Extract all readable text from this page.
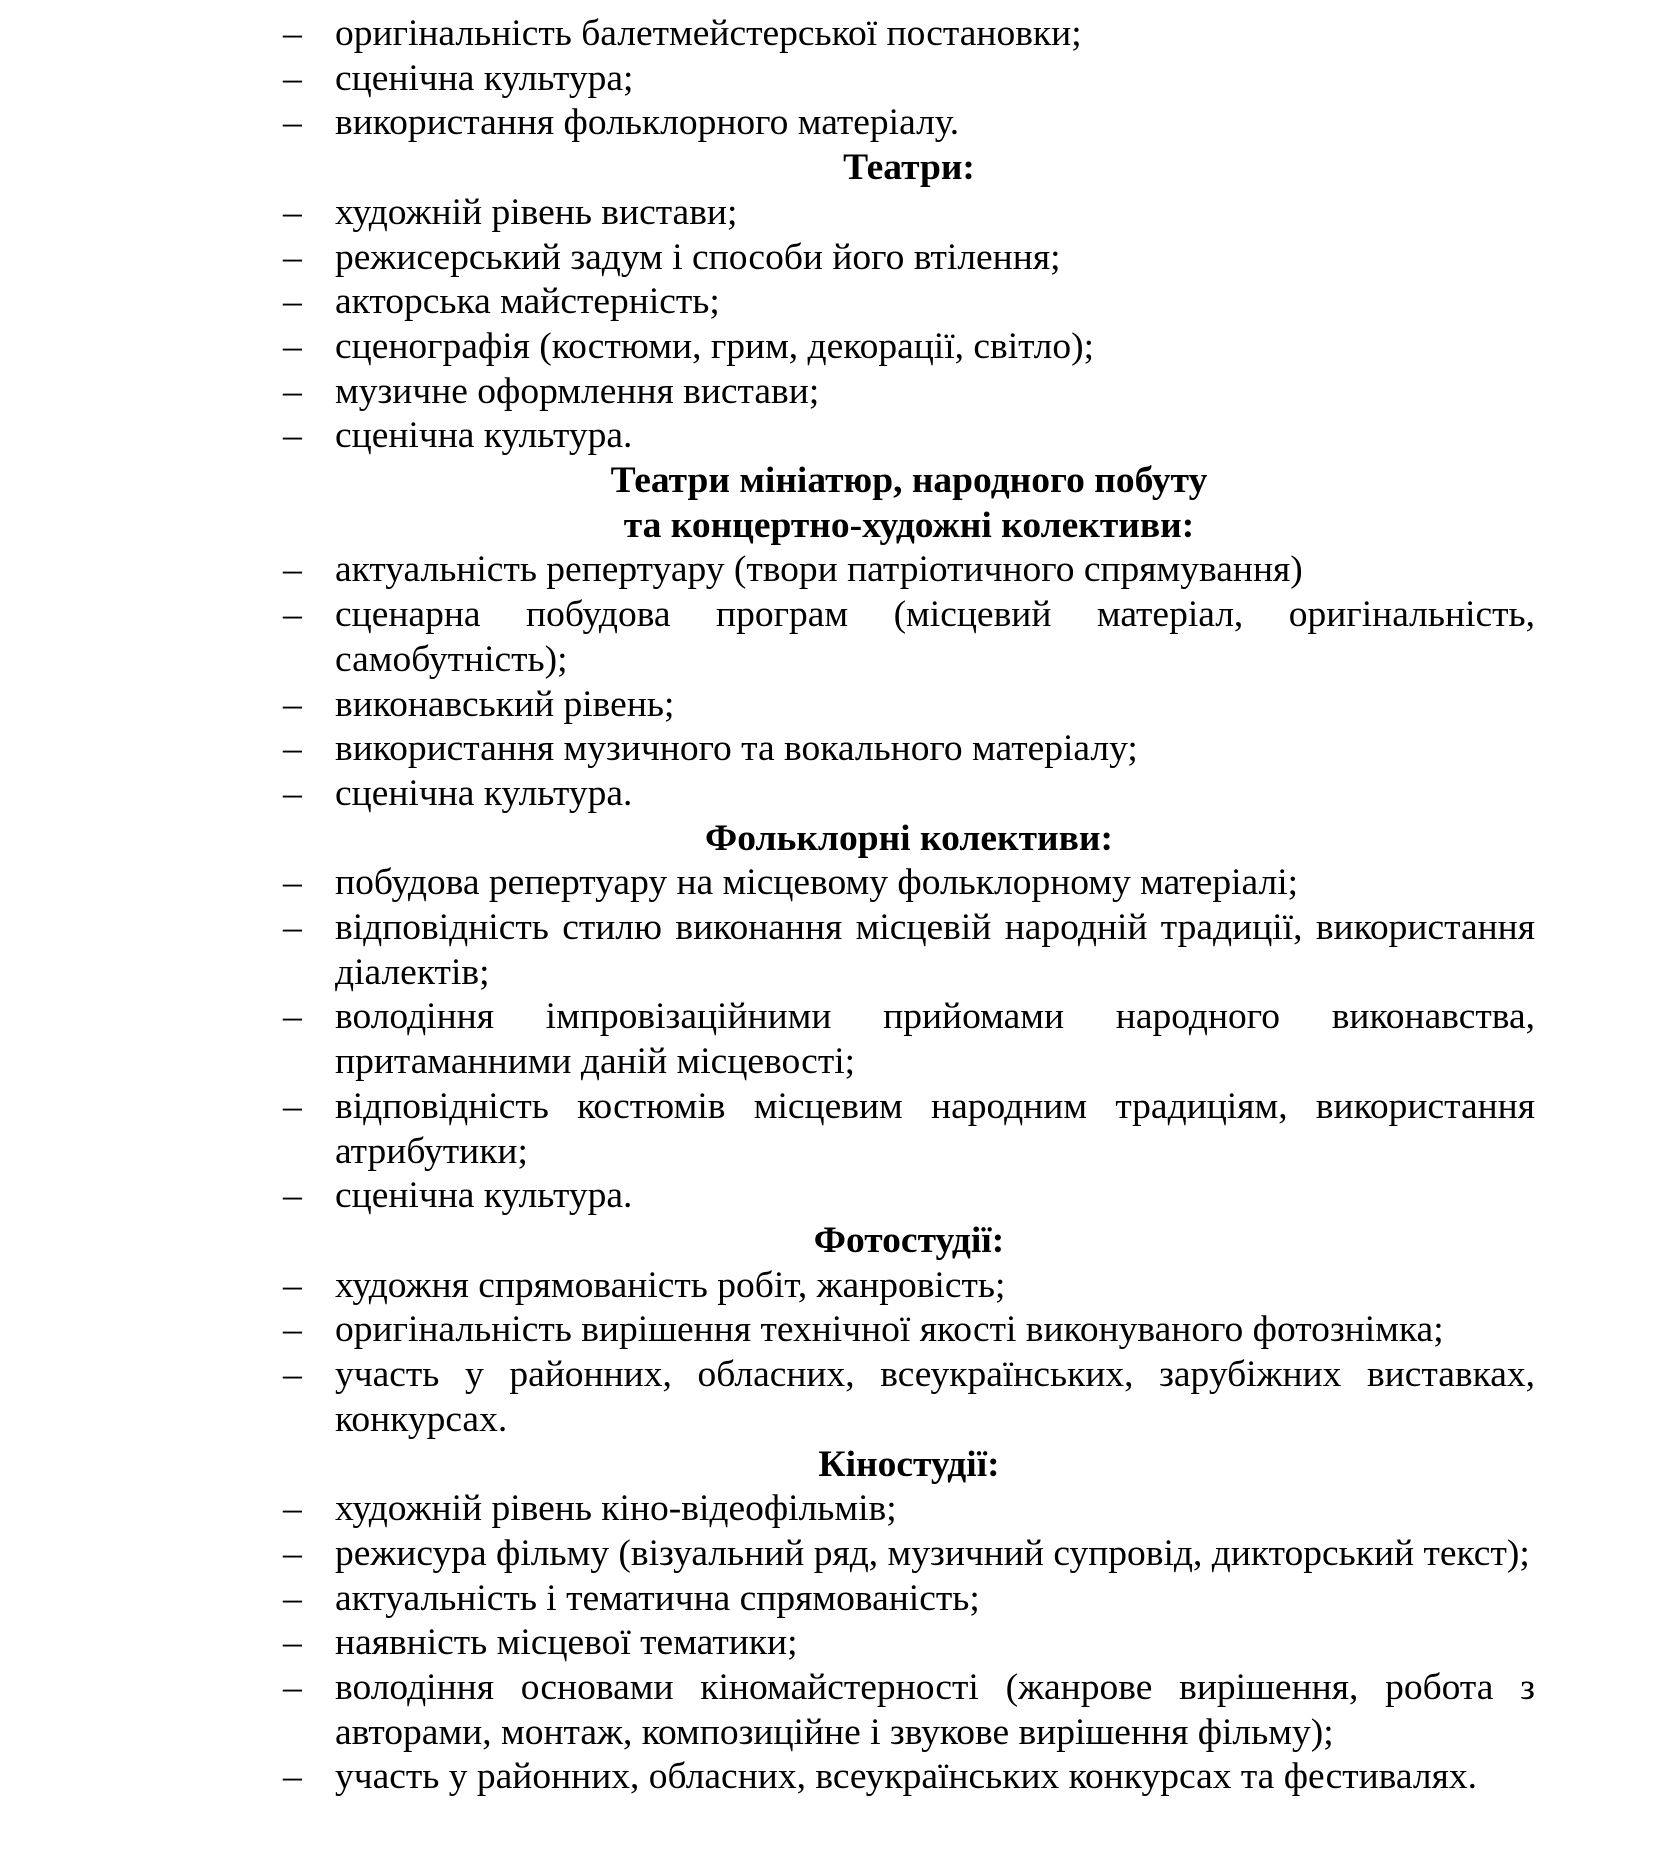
– оригінальність балетмейстерської постановки;
– сценічна культура;
– використання фольклорного матеріалу.
Театри:
– художній рівень вистави;
– режисерський задум і способи його втілення;
– акторська майстерність;
– сценографія (костюми, грим, декорації, світло);
– музичне оформлення вистави;
– сценічна культура.
Театри мініатюр, народного побуту
та концертно-художні колективи:
– актуальність репертуару (твори патріотичного спрямування)
– сценарна побудова програм (місцевий матеріал, оригінальність, самобутність);
– виконавський рівень;
– використання музичного та вокального матеріалу;
– сценічна культура.
Фольклорні колективи:
– побудова репертуару на місцевому фольклорному матеріалі;
– відповідність стилю виконання місцевій народній традиції, використання діалектів;
– володіння імпровізаційними прийомами народного виконавства, притаманними даній місцевості;
– відповідність костюмів місцевим народним традиціям, використання атрибутики;
– сценічна культура.
Фотостудії:
– художня спрямованість робіт, жанровість;
– оригінальність вирішення технічної якості виконуваного фотознімка;
– участь у районних, обласних, всеукраїнських, зарубіжних виставках, конкурсах.
Кіностудії:
– художній рівень кіно-відеофільмів;
– режисура фільму (візуальний ряд, музичний супровід, дикторський текст);
– актуальність і тематична спрямованість;
– наявність місцевої тематики;
– володіння основами кіномайстерності (жанрове вирішення, робота з авторами, монтаж, композиційне і звукове вирішення фільму);
– участь у районних, обласних, всеукраїнських конкурсах та фестивалях.
